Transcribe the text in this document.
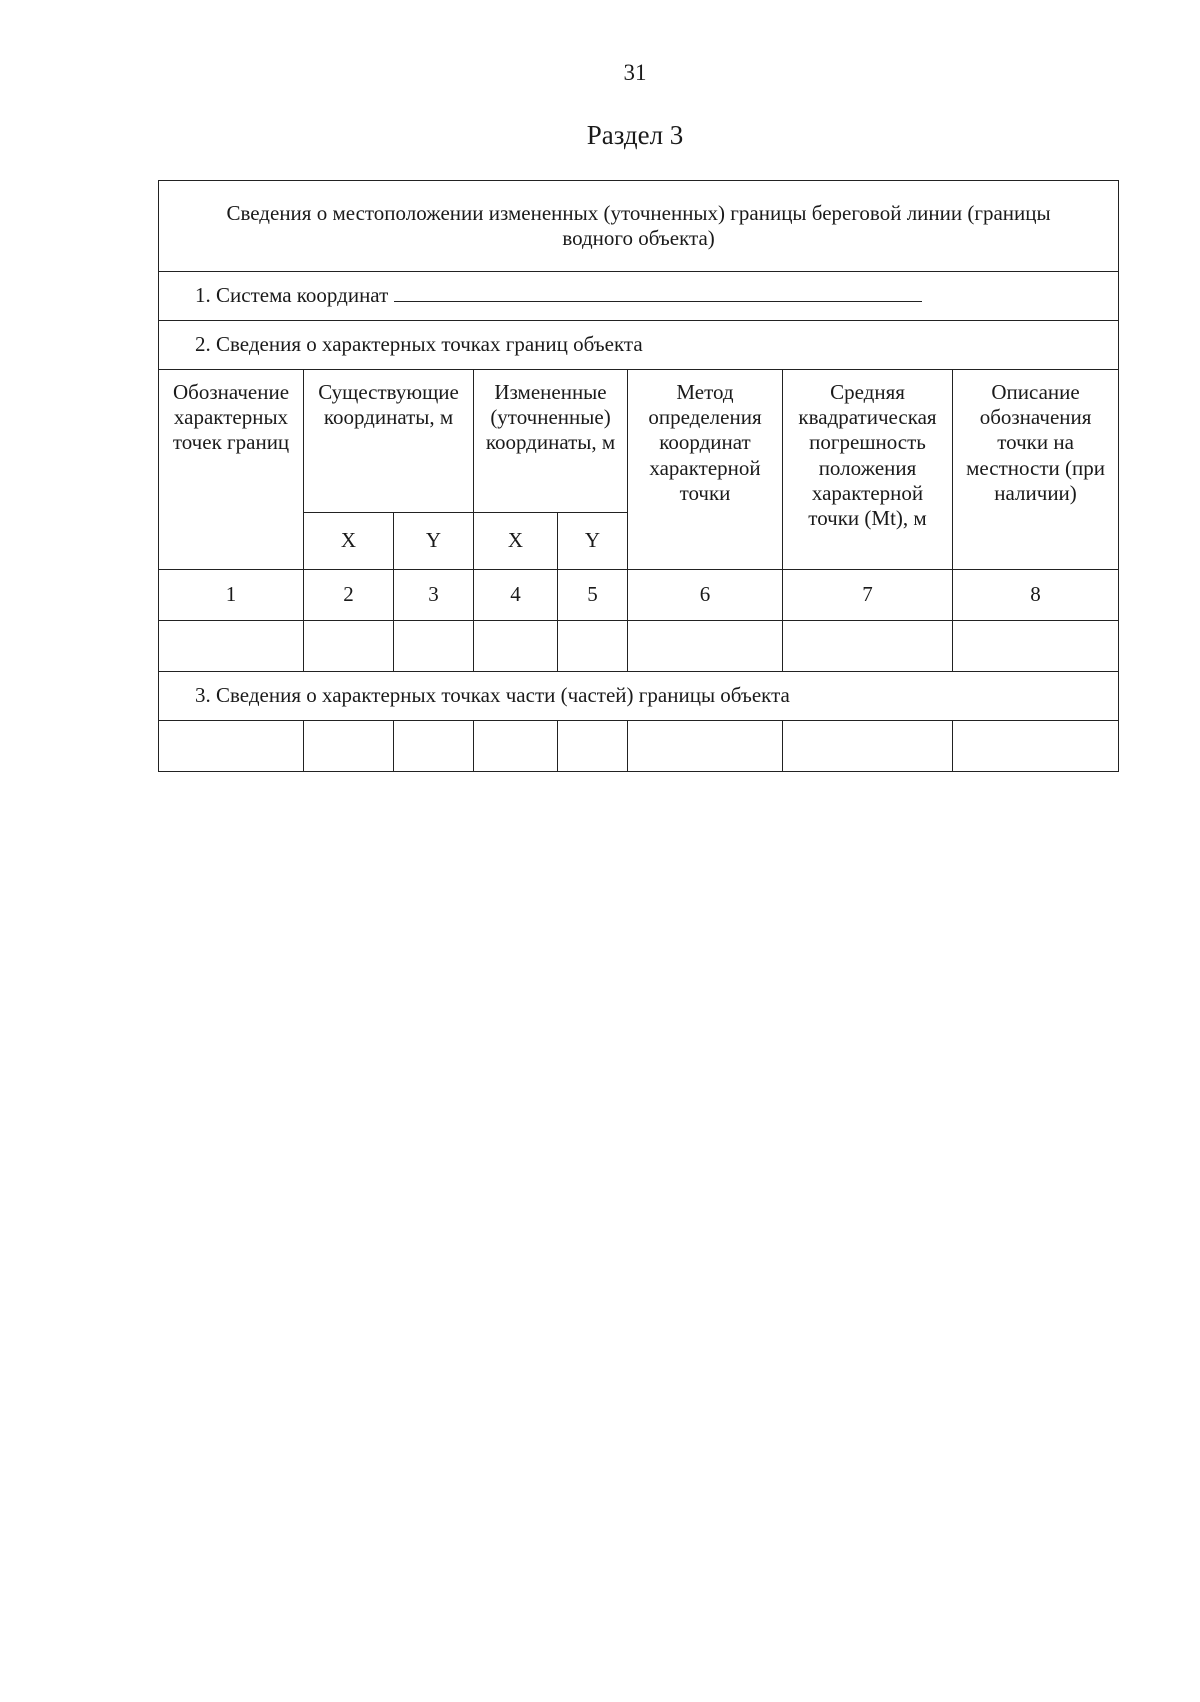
31
Раздел 3
Сведения о местоположении измененных (уточненных) границы береговой линии (границы водного объекта)							
1. Система координат							
2. Сведения о характерных точках границ объекта							
Обозначение характерных точек границ	Существующие координаты, м		Измененные (уточненные) координаты, м		Метод определения координат характерной точки	Средняя квадратическая погрешность положения характерной точки (Mt), м	Описание обозначения точки на местности (при наличии)
	X	Y	X	Y			
1	2	3	4	5	6	7	8

3. Сведения о характерных точках части (частей) границы объекта							
